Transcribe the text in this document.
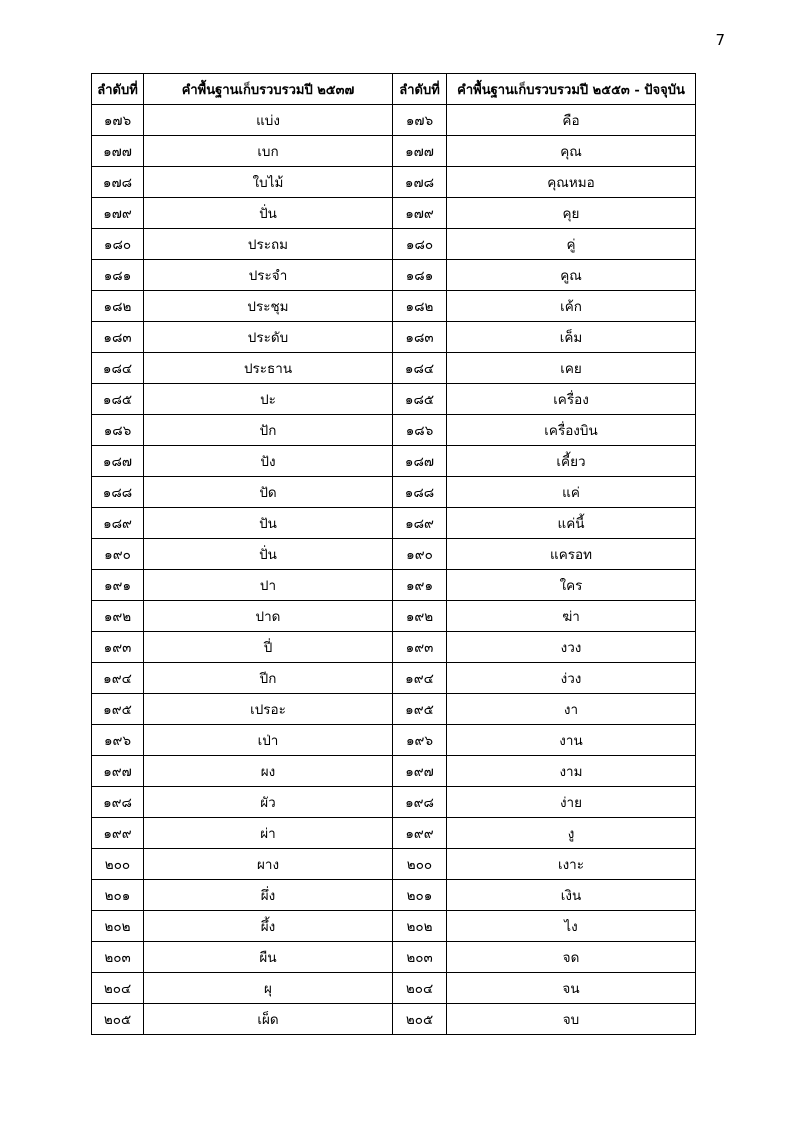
7
ลำดับที่	คำพื้นฐานเก็บรวบรวมปี ๒๕๓๗	ลำดับที่	คำพื้นฐานเก็บรวบรวมปี ๒๕๕๓ - ปัจจุบัน
๑๗๖	แบ่ง	๑๗๖	คือ
๑๗๗	เบก	๑๗๗	คุณ
๑๗๘	ใบไม้	๑๗๘	คุณหมอ
๑๗๙	ปั่น	๑๗๙	คุย
๑๘๐	ประถม	๑๘๐	คู่
๑๘๑	ประจำ	๑๘๑	คูณ
๑๘๒	ประชุม	๑๘๒	เค้ก
๑๘๓	ประดับ	๑๘๓	เค็ม
๑๘๔	ประธาน	๑๘๔	เคย
๑๘๕	ปะ	๑๘๕	เครื่อง
๑๘๖	ปัก	๑๘๖	เครื่องบิน
๑๘๗	ปัง	๑๘๗	เคี้ยว
๑๘๘	ปัด	๑๘๘	แค่
๑๘๙	ปัน	๑๘๙	แค่นี้
๑๙๐	ปั่น	๑๙๐	แครอท
๑๙๑	ปา	๑๙๑	ใคร
๑๙๒	ปาด	๑๙๒	ฆ่า
๑๙๓	ปี่	๑๙๓	งวง
๑๙๔	ปีก	๑๙๔	ง่วง
๑๙๕	เปรอะ	๑๙๕	งา
๑๙๖	เป่า	๑๙๖	งาน
๑๙๗	ผง	๑๙๗	งาม
๑๙๘	ผัว	๑๙๘	ง่าย
๑๙๙	ผ่า	๑๙๙	งู
๒๐๐	ผาง	๒๐๐	เงาะ
๒๐๑	ผึ่ง	๒๐๑	เงิน
๒๐๒	ผึ้ง	๒๐๒	ไง
๒๐๓	ผืน	๒๐๓	จด
๒๐๔	ผุ	๒๐๔	จน
๒๐๕	เผ็ด	๒๐๕	จบ
